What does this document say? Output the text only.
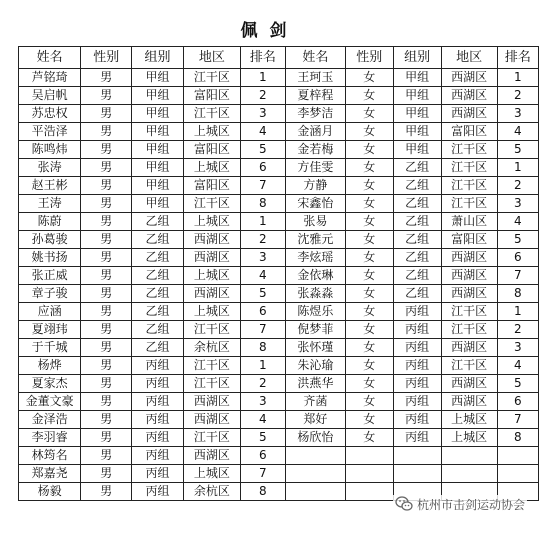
佩剑
姓名	性别	组别	地区	排名	姓名	性别	组别	地区	排名
芦铭琦	男	甲组	江干区	1	王珂玉	女	甲组	西湖区	1
吴启帆	男	甲组	富阳区	2	夏梓程	女	甲组	西湖区	2
苏忠权	男	甲组	江干区	3	李梦洁	女	甲组	西湖区	3
平浩泽	男	甲组	上城区	4	金涵月	女	甲组	富阳区	4
陈鸣炜	男	甲组	富阳区	5	金若梅	女	甲组	江干区	5
张涛	男	甲组	上城区	6	方佳雯	女	乙组	江干区	1
赵王彬	男	甲组	富阳区	7	方静	女	乙组	江干区	2
王涛	男	甲组	江干区	8	宋鑫怡	女	乙组	江干区	3
陈蔚	男	乙组	上城区	1	张易	女	乙组	萧山区	4
孙葛骏	男	乙组	西湖区	2	沈雅元	女	乙组	富阳区	5
姚书扬	男	乙组	西湖区	3	李炫瑶	女	乙组	西湖区	6
张正威	男	乙组	上城区	4	金依琳	女	乙组	西湖区	7
章子骏	男	乙组	西湖区	5	张淼淼	女	乙组	西湖区	8
应涵	男	乙组	上城区	6	陈煜乐	女	丙组	江干区	1
夏翊玮	男	乙组	江干区	7	倪梦菲	女	丙组	江干区	2
于千城	男	乙组	余杭区	8	张怀瑾	女	丙组	西湖区	3
杨烨	男	丙组	江干区	1	朱沁瑜	女	丙组	江干区	4
夏家杰	男	丙组	江干区	2	洪燕华	女	丙组	西湖区	5
金董文豪	男	丙组	西湖区	3	齐菡	女	丙组	西湖区	6
金泽浩	男	丙组	西湖区	4	郑好	女	丙组	上城区	7
李羽睿	男	丙组	江干区	5	杨欣怡	女	丙组	上城区	8
林筠名	男	丙组	西湖区	6					
郑嘉尧	男	丙组	上城区	7					
杨毅	男	丙组	余杭区	8					
杭州市击剑运动协会
